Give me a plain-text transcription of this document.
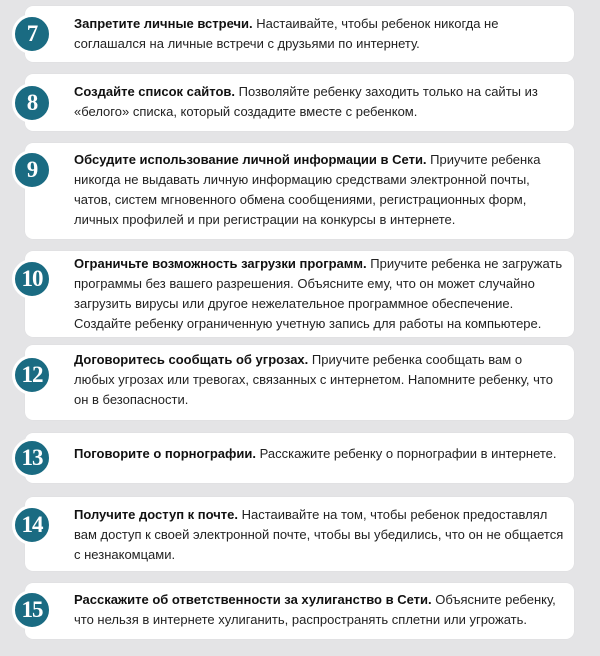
7	Запретите личные встречи. Настаивайте, чтобы ребенок никогда не соглашался на личные встречи с друзьями по интернету.
8	Создайте список сайтов. Позволяйте ребенку заходить только на сайты из «белого» списка, который создадите вместе с ребенком.
9	Обсудите использование личной информации в Сети. Приучите ребенка никогда не выдавать личную информацию средствами электронной почты, чатов, систем мгновенного обмена сообщениями, регистрационных форм, личных профилей и при регистрации на конкурсы в интернете.
10
Ограничьте возможность загрузки программ. Приучите ребенка не загружать программы без вашего разрешения. Объясните ему, что он может случайно загрузить вирусы или другое нежелательное программное обеспечение. Создайте ребенку ограниченную учетную запись для работы на компьютере.
12
Договоритесь сообщать об угрозах. Приучите ребенка сообщать вам о любых угрозах или тревогах, связанных с интернетом. Напомните ребенку, что он в безопасности.
13	Поговорите о порнографии. Расскажите ребенку о порнографии в интернете.
14	Получите доступ к почте. Настаивайте на том, чтобы ребенок предоставлял вам доступ к своей электронной почте, чтобы вы убедились, что он не общается с незнакомцами.
15	Расскажите об ответственности за хулиганство в Сети. Объясните ребенку, что нельзя в интернете хулиганить, распространять сплетни или угрожать.
